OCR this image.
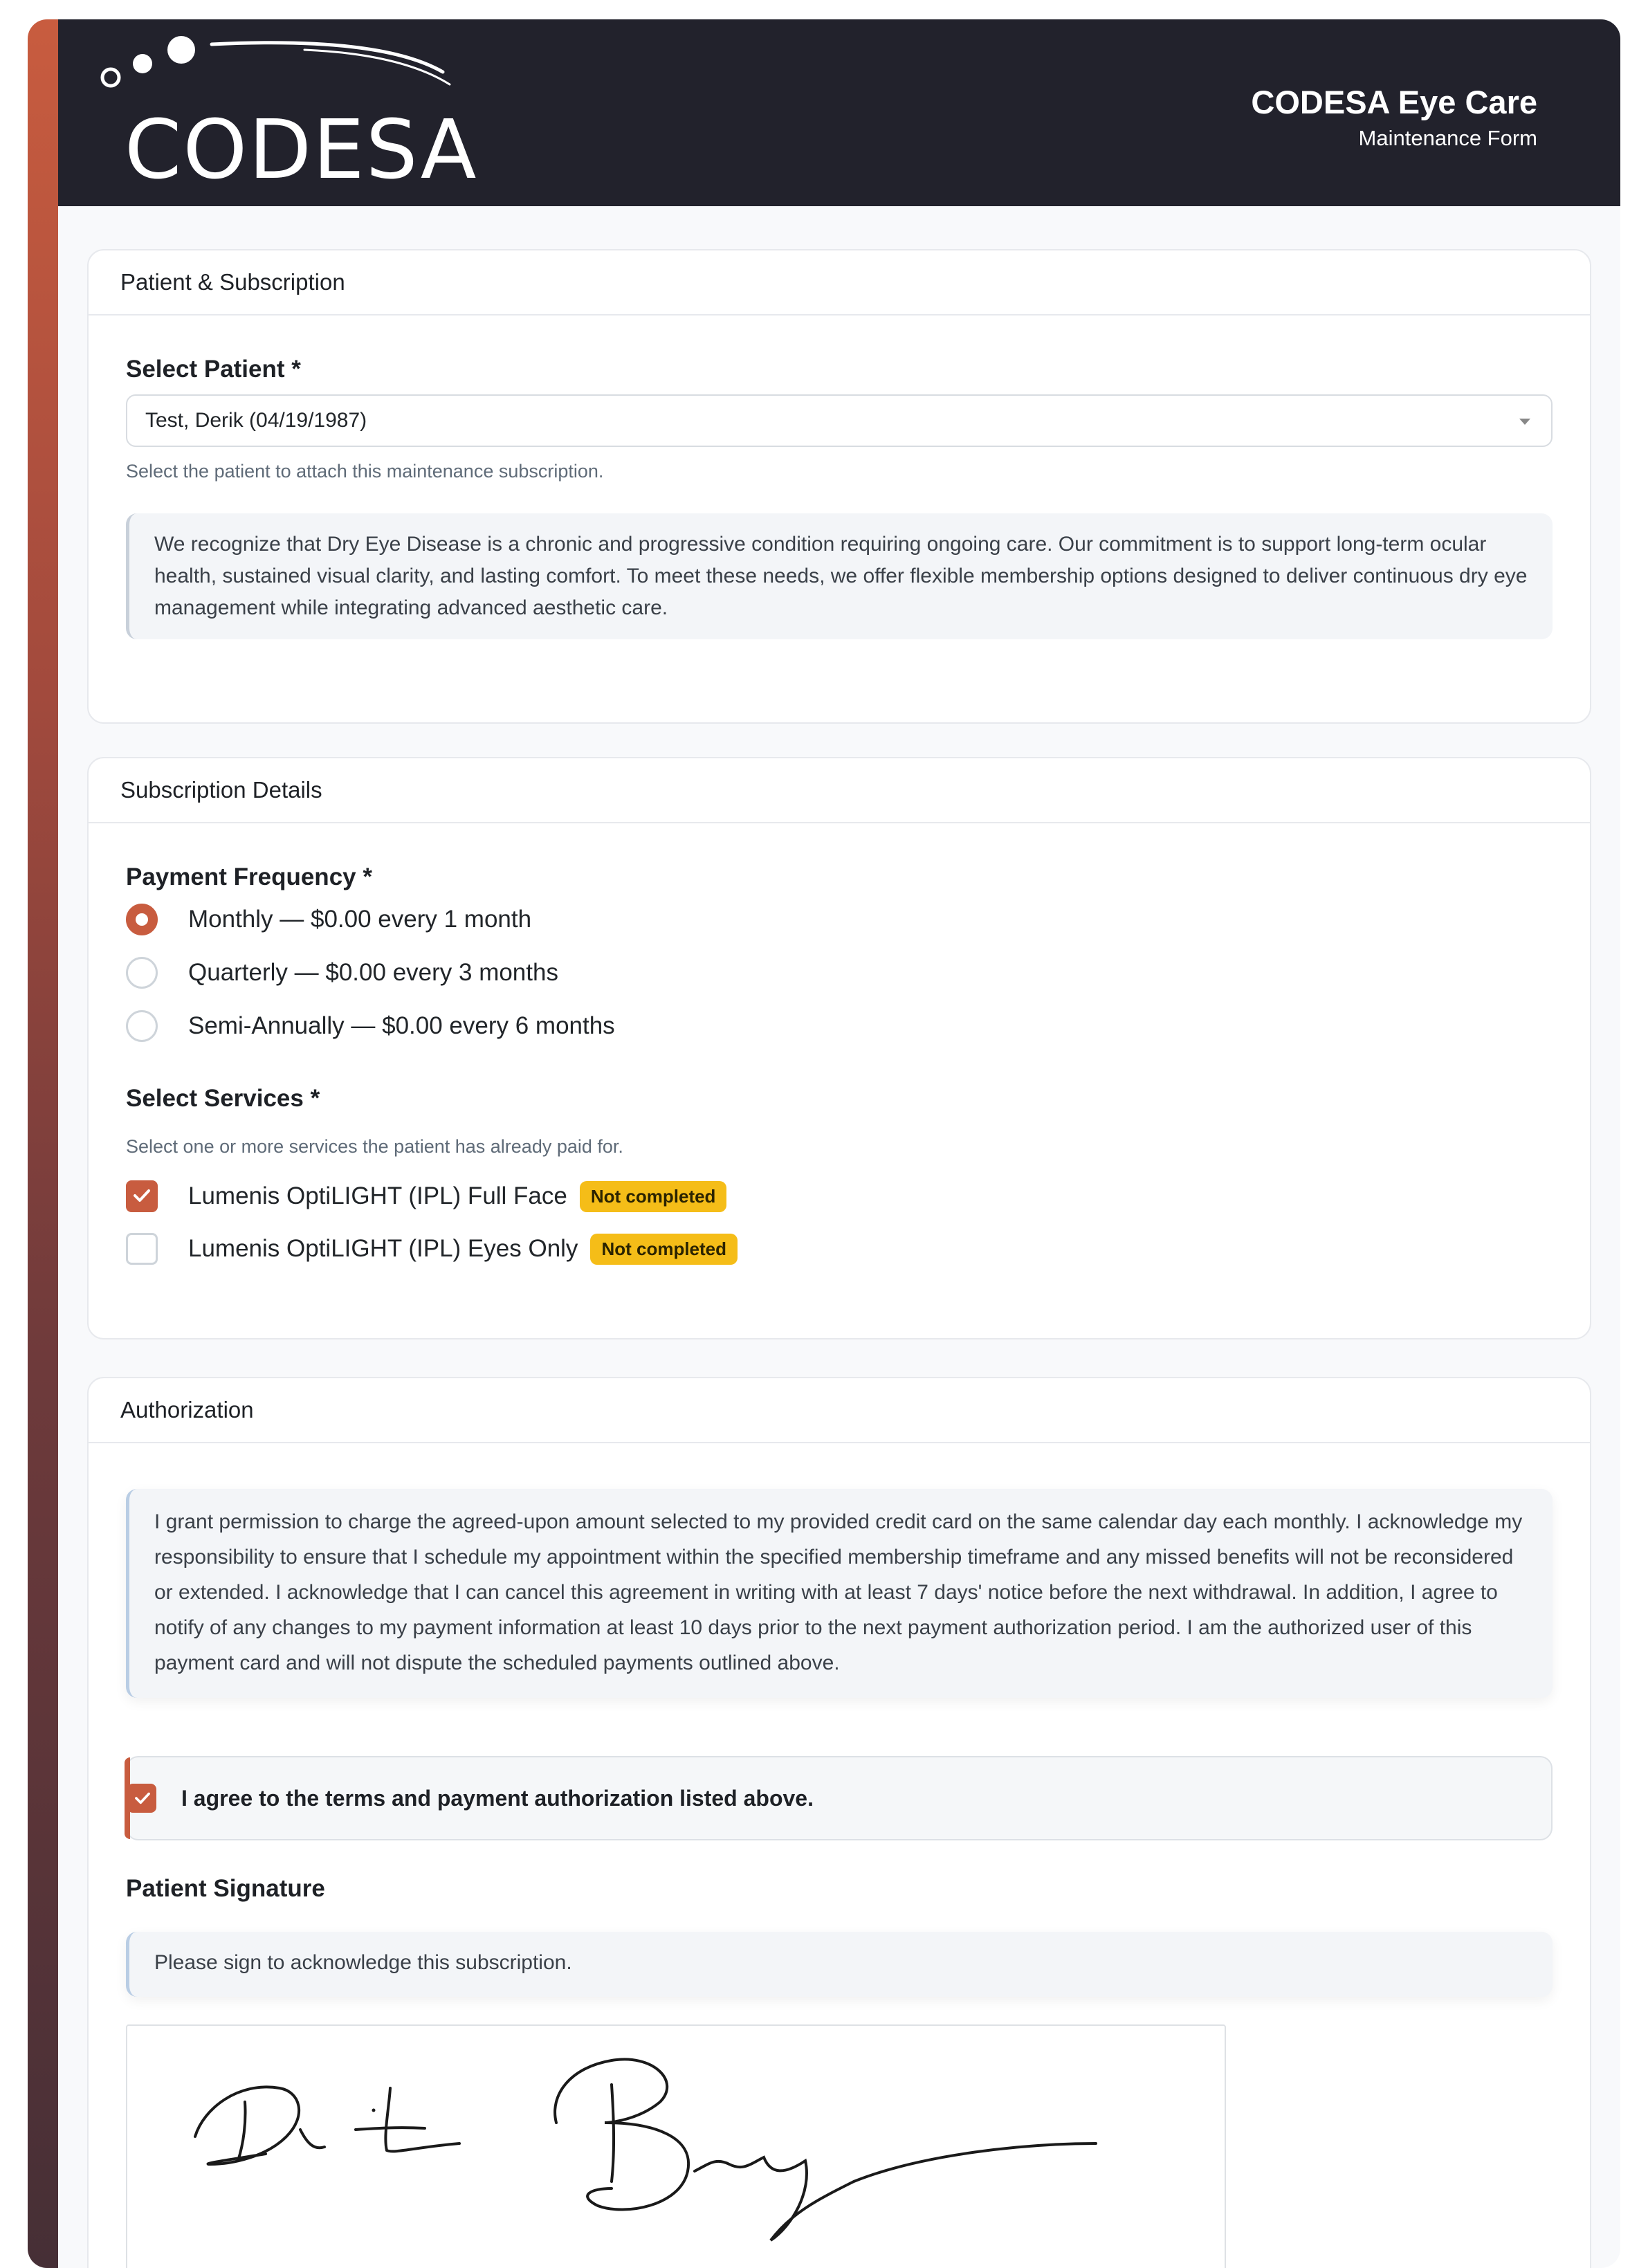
CODESA	CODESA Eye Care
Maintenance Form
Patient & Subscription
Select Patient *
Test, Derik (04/19/1987)
Select the patient to attach this maintenance subscription.
We recognize that Dry Eye Disease is a chronic and progressive condition requiring ongoing care. Our commitment is to support long-term ocular health, sustained visual clarity, and lasting comfort. To meet these needs, we offer flexible membership options designed to deliver continuous dry eye management while integrating advanced aesthetic care.
Subscription Details
Payment Frequency *
Monthly — $0.00 every 1 month
Quarterly — $0.00 every 3 months
Semi-Annually — $0.00 every 6 months
Select Services *
Select one or more services the patient has already paid for.
Lumenis OptiLIGHT (IPL) Full Face	Not completed
Lumenis OptiLIGHT (IPL) Eyes Only	Not completed
Authorization
I grant permission to charge the agreed-upon amount selected to my provided credit card on the same calendar day each monthly. I acknowledge my responsibility to ensure that I schedule my appointment within the specified membership timeframe and any missed benefits will not be reconsidered or extended. I acknowledge that I can cancel this agreement in writing with at least 7 days' notice before the next withdrawal. In addition, I agree to notify of any changes to my payment information at least 10 days prior to the next payment authorization period. I am the authorized user of this payment card and will not dispute the scheduled payments outlined above.
I agree to the terms and payment authorization listed above.
Patient Signature
Please sign to acknowledge this subscription.
